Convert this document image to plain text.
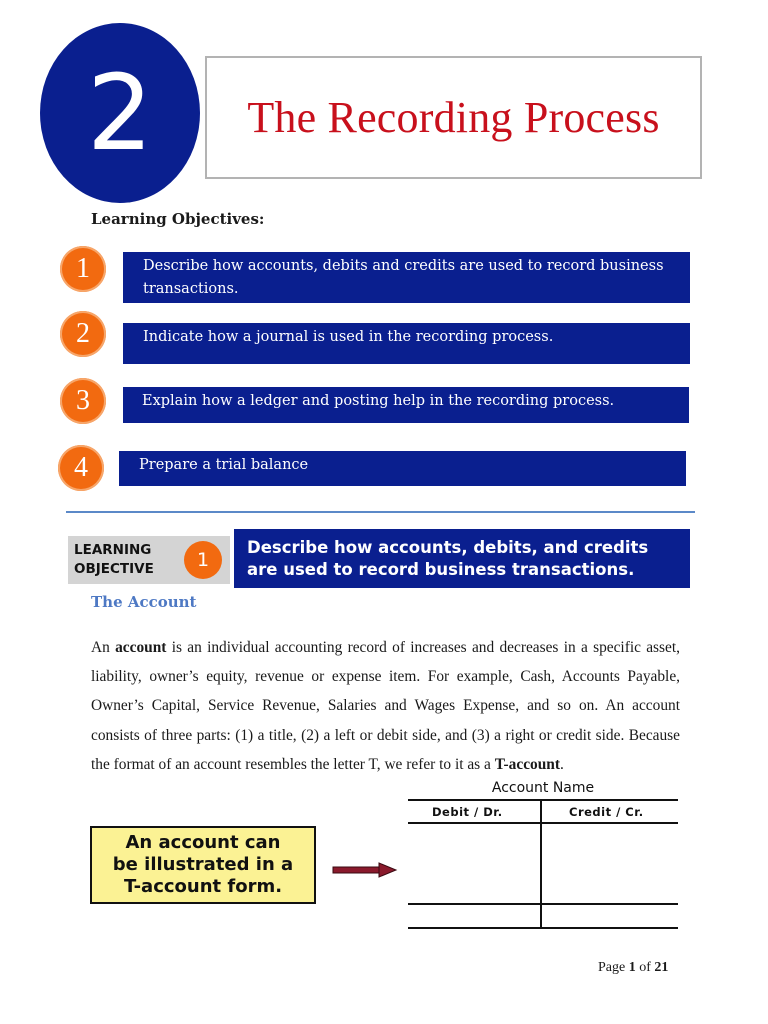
2 The Recording Process
Learning Objectives:
1	Describe how accounts, debits and credits are used to record business transactions.
2	Indicate how a journal is used in the recording process.
3	Explain how a ledger and posting help in the recording process.
4	Prepare a trial balance
LEARNING
OBJECTIVE	1
Describe how accounts, debits, and credits are used to record business transactions.
The Account
An account is an individual accounting record of increases and decreases in a specific asset, liability, owner’s equity, revenue or expense item. For example, Cash, Accounts Payable, Owner’s Capital, Service Revenue, Salaries and Wages Expense, and so on. An account consists of three parts: (1) a title, (2) a left or debit side, and (3) a right or credit side. Because the format of an account resembles the letter T, we refer to it as a T-account.
An account can
be illustrated in a
T-account form.
Account Name
Debit / Dr.	Credit / Cr.
Page 1 of 21
